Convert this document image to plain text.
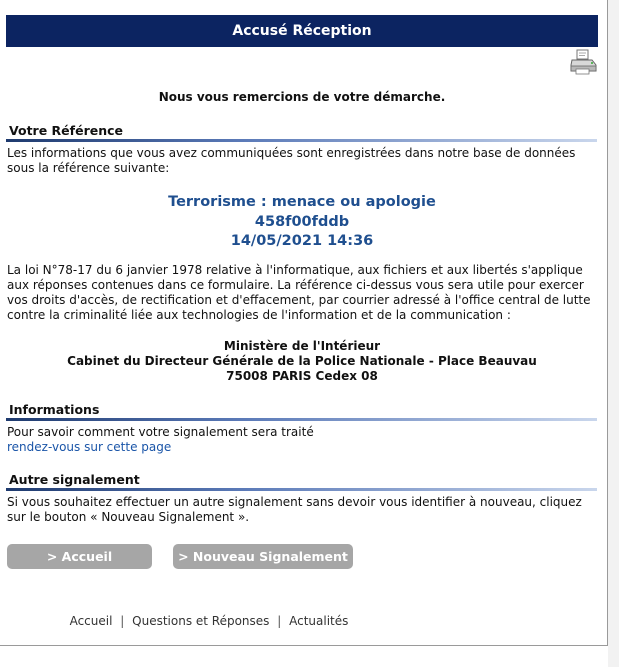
Accusé Réception
Nous vous remercions de votre démarche.
Votre Référence
Les informations que vous avez communiquées sont enregistrées dans notre base de données sous la référence suivante:
Terrorisme : menace ou apologie
458f00fddb
14/05/2021 14:36
La loi N°78-17 du 6 janvier 1978 relative à l'informatique, aux fichiers et aux libertés s'applique aux réponses contenues dans ce formulaire. La référence ci-dessus vous sera utile pour exercer vos droits d'accès, de rectification et d'effacement, par courrier adressé à l'office central de lutte contre la criminalité liée aux technologies de l'information et de la communication :
Ministère de l'Intérieur
Cabinet du Directeur Générale de la Police Nationale - Place Beauvau
75008 PARIS Cedex 08
Informations
Pour savoir comment votre signalement sera traité
rendez-vous sur cette page
Autre signalement
Si vous souhaitez effectuer un autre signalement sans devoir vous identifier à nouveau, cliquez sur le bouton « Nouveau Signalement ».
> Accueil	> Nouveau Signalement
Accueil | Questions et Réponses | Actualités
